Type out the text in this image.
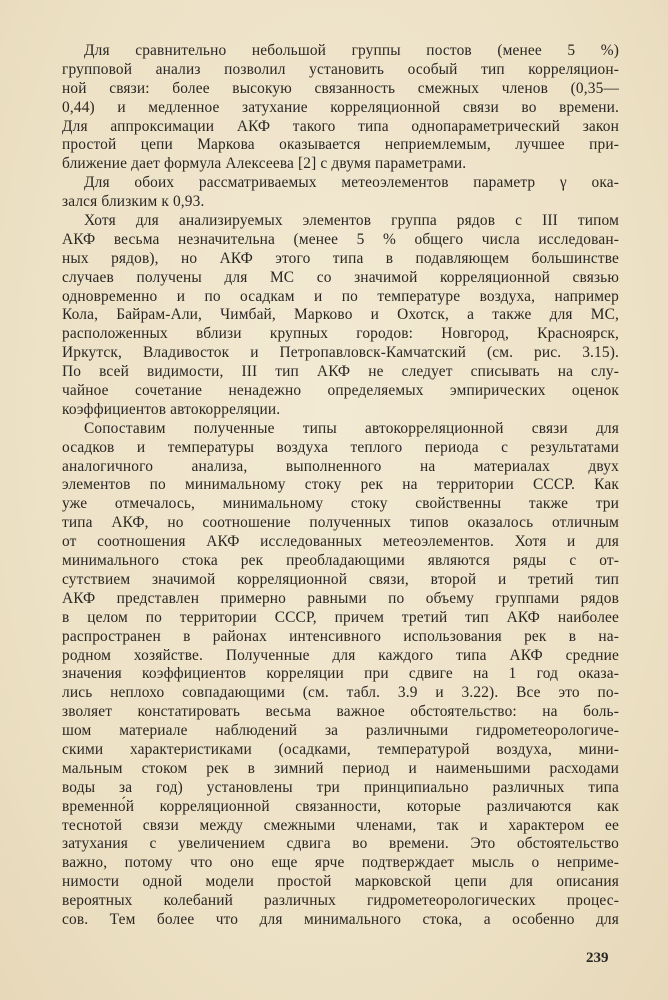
Для сравнительно небольшой группы постов (менее 5 %)
групповой анализ позволил установить особый тип корреляцион-
ной связи: более высокую связанность смежных членов (0,35—
0,44) и медленное затухание корреляционной связи во времени.
Для аппроксимации АКФ такого типа однопараметрический закон
простой цепи Маркова оказывается неприемлемым, лучшее при-
ближение дает формула Алексеева [2] с двумя параметрами.
Для обоих рассматриваемых метеоэлементов параметр γ ока-
зался близким к 0,93.
Хотя для анализируемых элементов группа рядов с III типом
АКФ весьма незначительна (менее 5 % общего числа исследован-
ных рядов), но АКФ этого типа в подавляющем большинстве
случаев получены для МС со значимой корреляционной связью
одновременно и по осадкам и по температуре воздуха, например
Кола, Байрам-Али, Чимбай, Марково и Охотск, а также для МС,
расположенных вблизи крупных городов: Новгород, Красноярск,
Иркутск, Владивосток и Петропавловск-Камчатский (см. рис. 3.15).
По всей видимости, III тип АКФ не следует списывать на слу-
чайное сочетание ненадежно определяемых эмпирических оценок
коэффициентов автокорреляции.
Сопоставим полученные типы автокорреляционной связи для
осадков и температуры воздуха теплого периода с результатами
аналогичного анализа, выполненного на материалах двух
элементов по минимальному стоку рек на территории СССР. Как
уже отмечалось, минимальному стоку свойственны также три
типа АКФ, но соотношение полученных типов оказалось отличным
от соотношения АКФ исследованных метеоэлементов. Хотя и для
минимального стока рек преобладающими являются ряды с от-
сутствием значимой корреляционной связи, второй и третий тип
АКФ представлен примерно равными по объему группами рядов
в целом по территории СССР, причем третий тип АКФ наиболее
распространен в районах интенсивного использования рек в на-
родном хозяйстве. Полученные для каждого типа АКФ средние
значения коэффициентов корреляции при сдвиге на 1 год оказа-
лись неплохо совпадающими (см. табл. 3.9 и 3.22). Все это по-
зволяет констатировать весьма важное обстоятельство: на боль-
шом материале наблюдений за различными гидрометеорологиче-
скими характеристиками (осадками, температурой воздуха, мини-
мальным стоком рек в зимний период и наименьшими расходами
воды за год) установлены три принципиально различных типа
временно́й корреляционной связанности, которые различаются как
теснотой связи между смежными членами, так и характером ее
затухания с увеличением сдвига во времени. Это обстоятельство
важно, потому что оно еще ярче подтверждает мысль о неприме-
нимости одной модели простой марковской цепи для описания
вероятных колебаний различных гидрометеорологических процес-
сов. Тем более что для минимального стока, а особенно для
239
